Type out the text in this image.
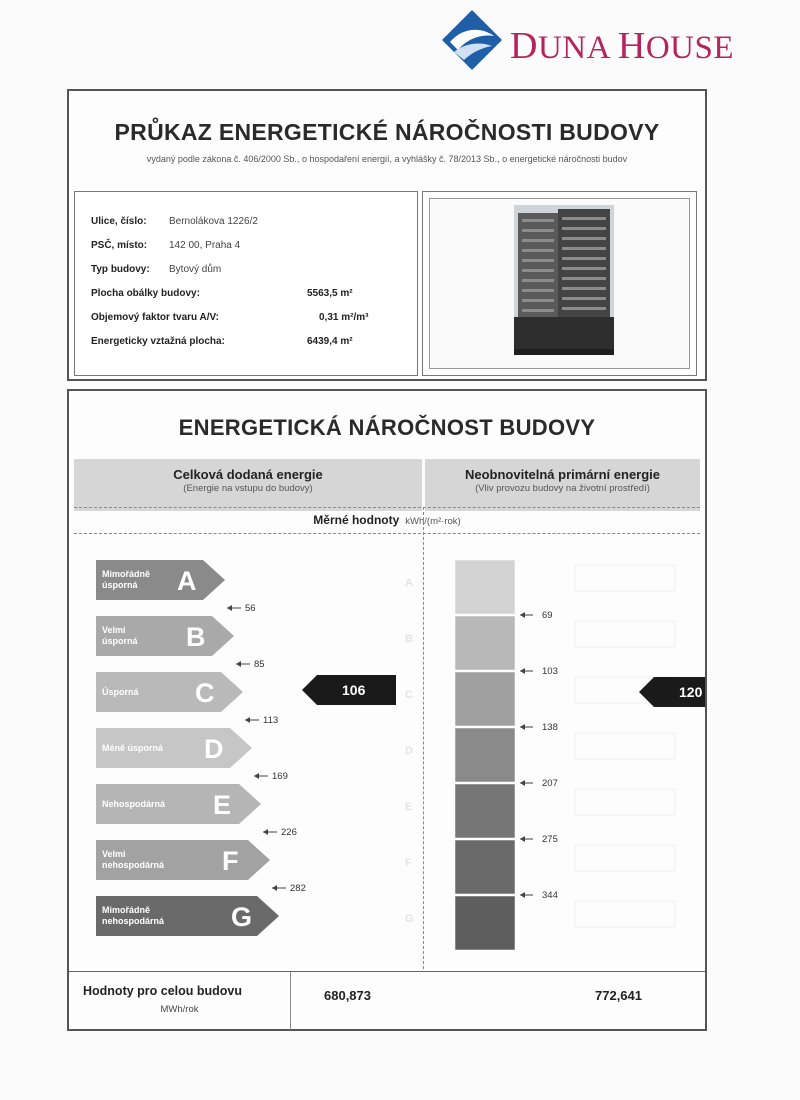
DUNA HOUSE
PRŮKAZ ENERGETICKÉ NÁROČNOSTI BUDOVY
vydaný podle zákona č. 406/2000 Sb., o hospodaření energií, a vyhlášky č. 78/2013 Sb., o energetické náročnosti budov
Ulice, číslo: Bernolákova 1226/2
PSČ, místo: 142 00, Praha 4
Typ budovy: Bytový dům
Plocha obálky budovy:	5563,5 m²
Objemový faktor tvaru A/V:	0,31 m²/m³
Energeticky vztažná plocha:	6439,4 m²
ENERGETICKÁ NÁROČNOST BUDOVY
Celková dodaná energie
(Energie na vstupu do budovy)
Neobnovitelná primární energie
(Vliv provozu budovy na životní prostředí)
Měrné hodnoty kWh/(m²·rok)
Mimořádně
úsporná A	A
Velmi
úsporná B	B
Úsporná C	C
Méně úsporná D	D
Nehospodárná E	E
Velmi
nehospodárná F	F
Mimořádně
nehospodárná G	G
56
85
113
169
226
282
106
69
103
138
207
275
344
120
Hodnoty pro celou budovu
MWh/rok
680,873	772,641
